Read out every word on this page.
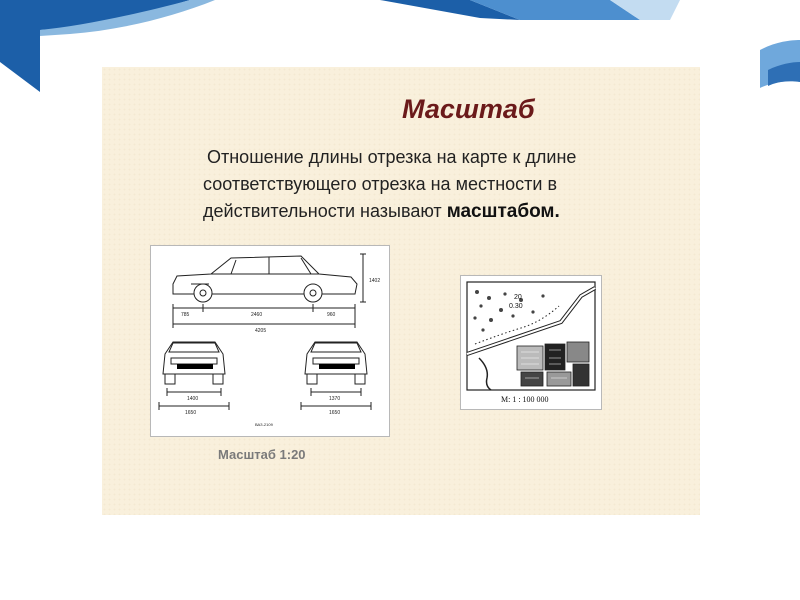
Масштаб

Отношение длины отрезка на карте к длине

соответствующего отрезка на местности в

действительности называют масштабом.

1402
785	2460	960
4205
1400
1650
1370
1650
ВАЗ-2109
Масштаб 1:20
20
0.30
М: 1 : 100 000
